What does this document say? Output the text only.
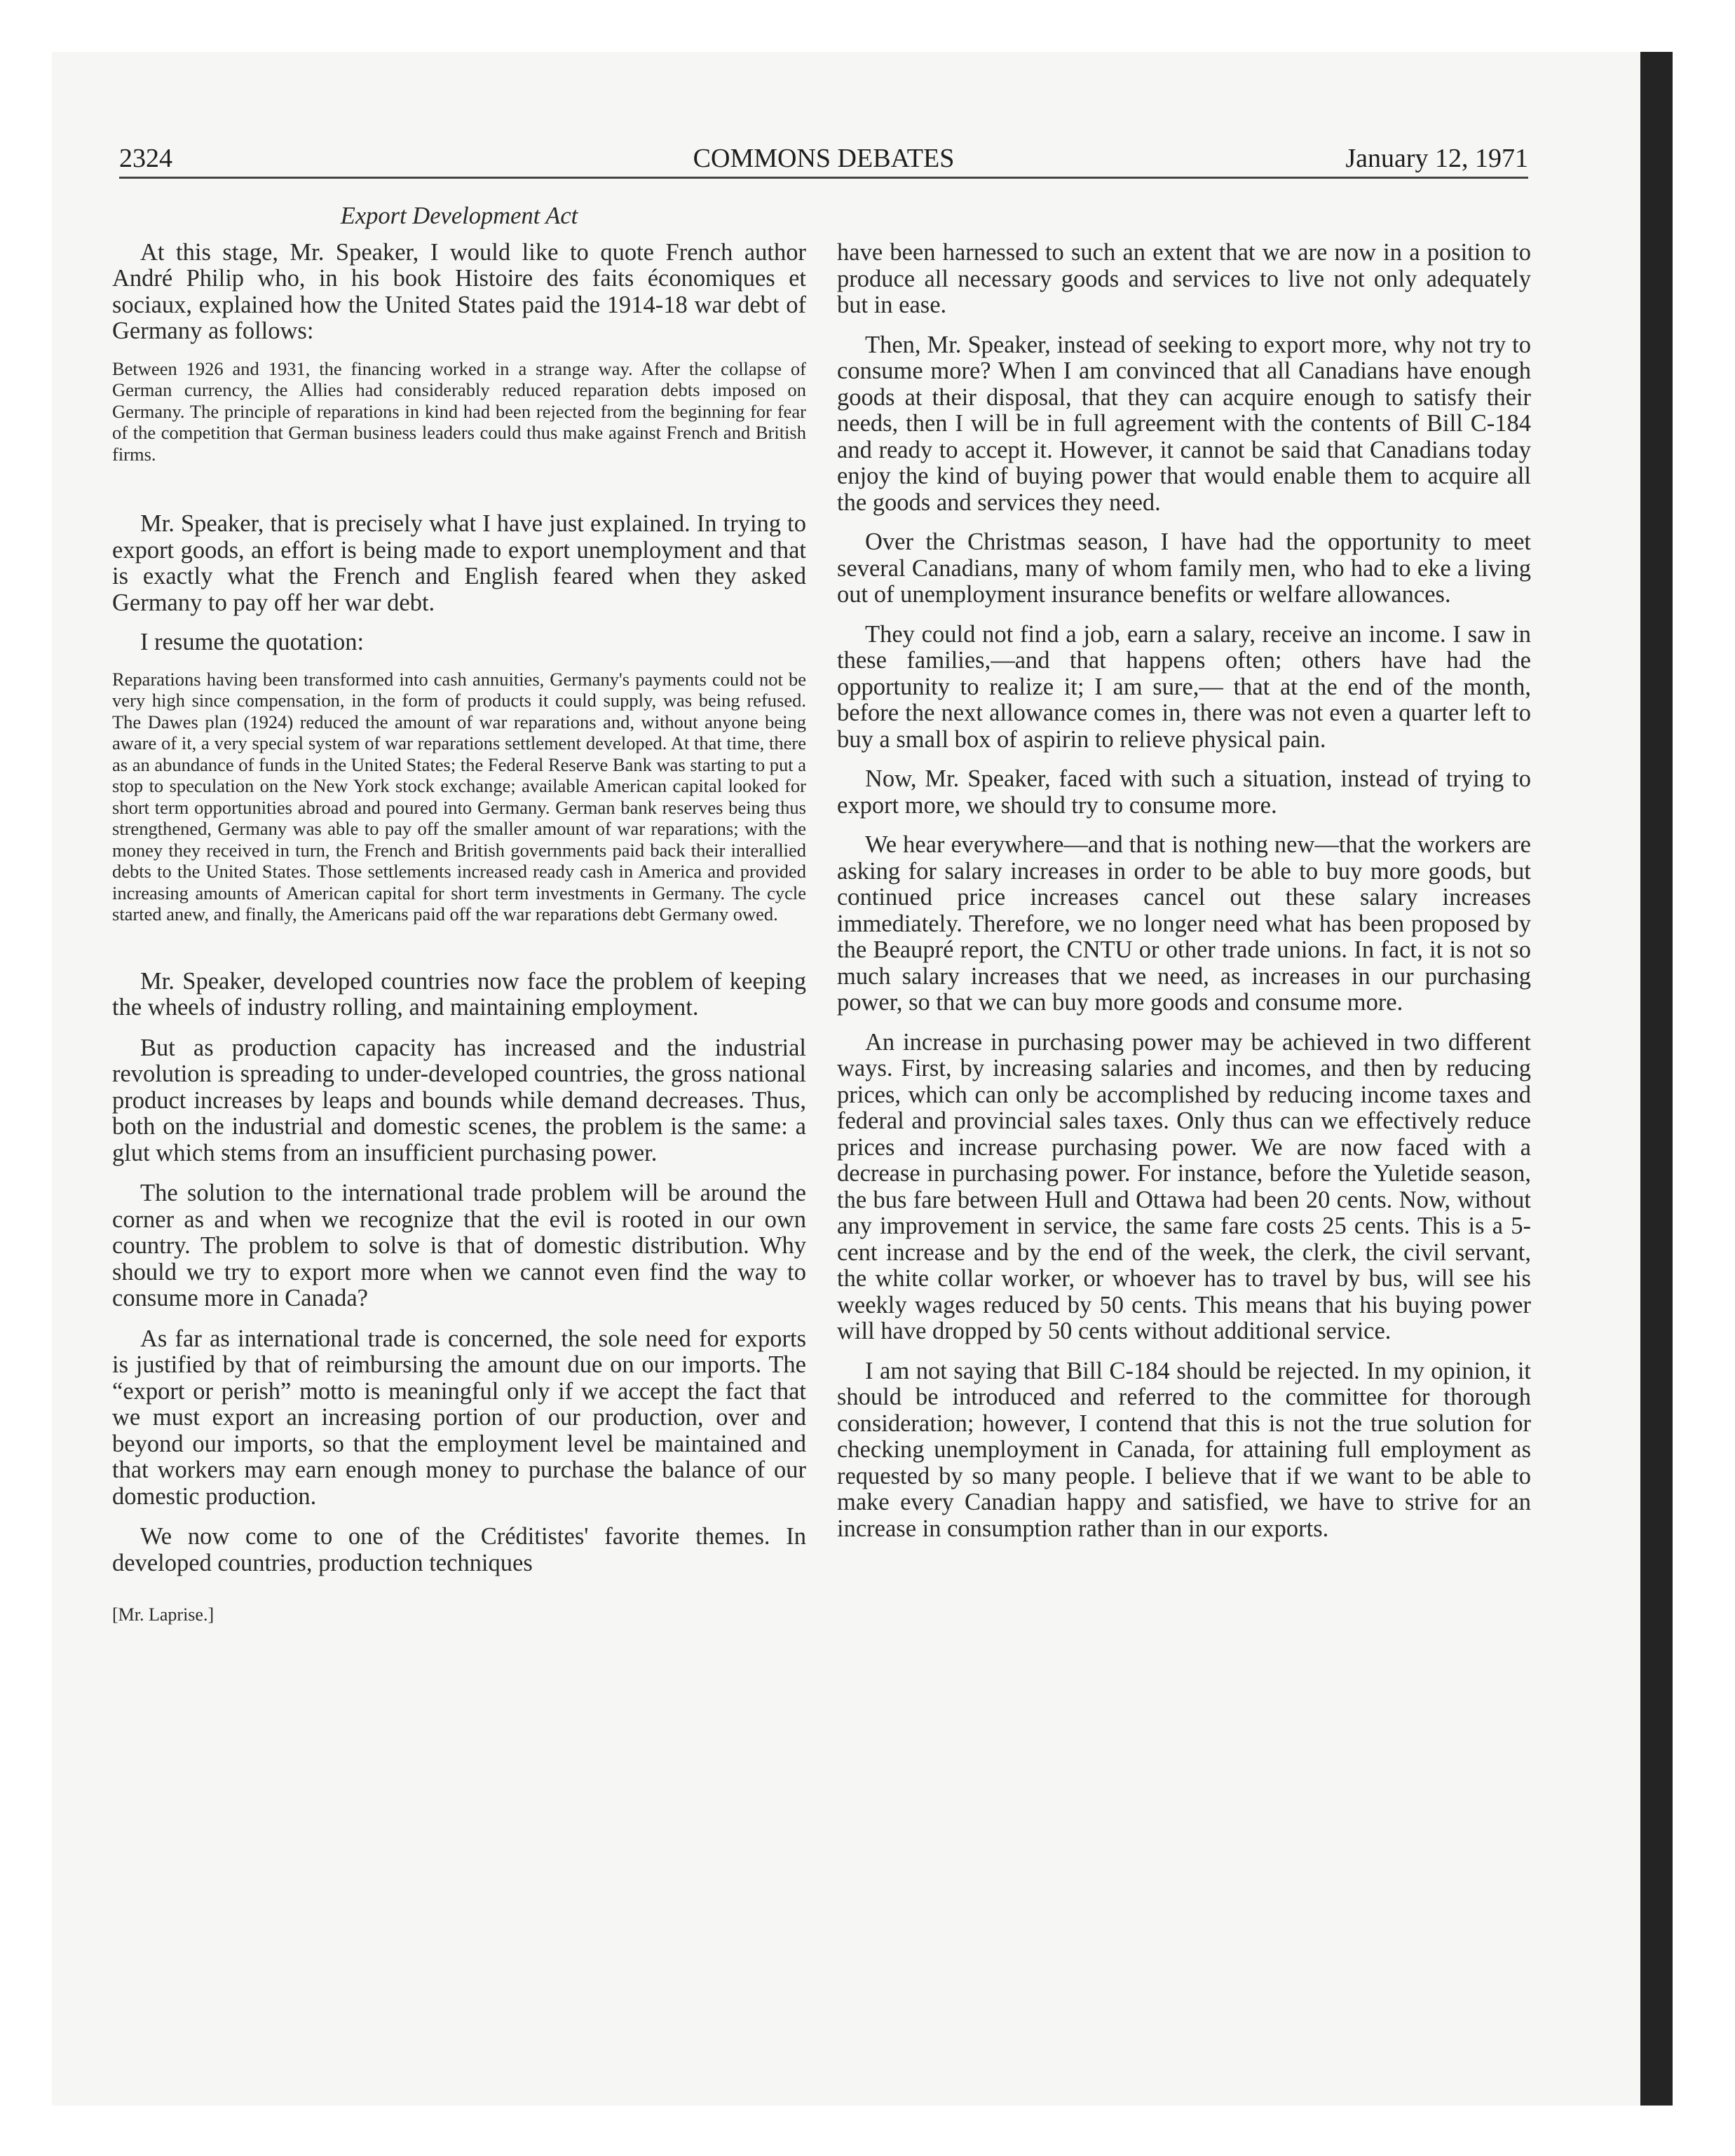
2324	COMMONS DEBATES	January 12, 1971
Export Development Act

At this stage, Mr. Speaker, I would like to quote French author André Philip who, in his book Histoire des faits économiques et sociaux, explained how the United States paid the 1914-18 war debt of Germany as follows:

Between 1926 and 1931, the financing worked in a strange way. After the collapse of German currency, the Allies had considerably reduced reparation debts imposed on Germany. The principle of reparations in kind had been rejected from the beginning for fear of the competition that German business leaders could thus make against French and British firms.

Mr. Speaker, that is precisely what I have just explained. In trying to export goods, an effort is being made to export unemployment and that is exactly what the French and English feared when they asked Germany to pay off her war debt.

I resume the quotation:

Reparations having been transformed into cash annuities, Germany's payments could not be very high since compensation, in the form of products it could supply, was being refused. The Dawes plan (1924) reduced the amount of war reparations and, without anyone being aware of it, a very special system of war reparations settlement developed. At that time, there as an abundance of funds in the United States; the Federal Reserve Bank was starting to put a stop to speculation on the New York stock exchange; available American capital looked for short term opportunities abroad and poured into Germany. German bank reserves being thus strengthened, Germany was able to pay off the smaller amount of war reparations; with the money they received in turn, the French and British governments paid back their interallied debts to the United States. Those settlements increased ready cash in America and provided increasing amounts of American capital for short term investments in Germany. The cycle started anew, and finally, the Americans paid off the war reparations debt Germany owed.

Mr. Speaker, developed countries now face the problem of keeping the wheels of industry rolling, and maintaining employment.

But as production capacity has increased and the industrial revolution is spreading to under-developed countries, the gross national product increases by leaps and bounds while demand decreases. Thus, both on the industrial and domestic scenes, the problem is the same: a glut which stems from an insufficient purchasing power.

The solution to the international trade problem will be around the corner as and when we recognize that the evil is rooted in our own country. The problem to solve is that of domestic distribution. Why should we try to export more when we cannot even find the way to consume more in Canada?

As far as international trade is concerned, the sole need for exports is justified by that of reimbursing the amount due on our imports. The “export or perish” motto is meaningful only if we accept the fact that we must export an increasing portion of our production, over and beyond our imports, so that the employment level be maintained and that workers may earn enough money to purchase the balance of our domestic production.

We now come to one of the Créditistes' favorite themes. In developed countries, production techniques

[Mr. Laprise.]

have been harnessed to such an extent that we are now in a position to produce all necessary goods and services to live not only adequately but in ease.

Then, Mr. Speaker, instead of seeking to export more, why not try to consume more? When I am convinced that all Canadians have enough goods at their disposal, that they can acquire enough to satisfy their needs, then I will be in full agreement with the contents of Bill C-184 and ready to accept it. However, it cannot be said that Canadians today enjoy the kind of buying power that would enable them to acquire all the goods and services they need.

Over the Christmas season, I have had the opportunity to meet several Canadians, many of whom family men, who had to eke a living out of unemployment insurance benefits or welfare allowances.

They could not find a job, earn a salary, receive an income. I saw in these families,—and that happens often; others have had the opportunity to realize it; I am sure,— that at the end of the month, before the next allowance comes in, there was not even a quarter left to buy a small box of aspirin to relieve physical pain.

Now, Mr. Speaker, faced with such a situation, instead of trying to export more, we should try to consume more.

We hear everywhere—and that is nothing new—that the workers are asking for salary increases in order to be able to buy more goods, but continued price increases cancel out these salary increases immediately. Therefore, we no longer need what has been proposed by the Beaupré report, the CNTU or other trade unions. In fact, it is not so much salary increases that we need, as increases in our purchasing power, so that we can buy more goods and consume more.

An increase in purchasing power may be achieved in two different ways. First, by increasing salaries and incomes, and then by reducing prices, which can only be accomplished by reducing income taxes and federal and provincial sales taxes. Only thus can we effectively reduce prices and increase purchasing power. We are now faced with a decrease in purchasing power. For instance, before the Yuletide season, the bus fare between Hull and Ottawa had been 20 cents. Now, without any improvement in service, the same fare costs 25 cents. This is a 5-cent increase and by the end of the week, the clerk, the civil servant, the white collar worker, or whoever has to travel by bus, will see his weekly wages reduced by 50 cents. This means that his buying power will have dropped by 50 cents without additional service.

I am not saying that Bill C-184 should be rejected. In my opinion, it should be introduced and referred to the committee for thorough consideration; however, I contend that this is not the true solution for checking unemployment in Canada, for attaining full employment as requested by so many people. I believe that if we want to be able to make every Canadian happy and satisfied, we have to strive for an increase in consumption rather than in our exports.
